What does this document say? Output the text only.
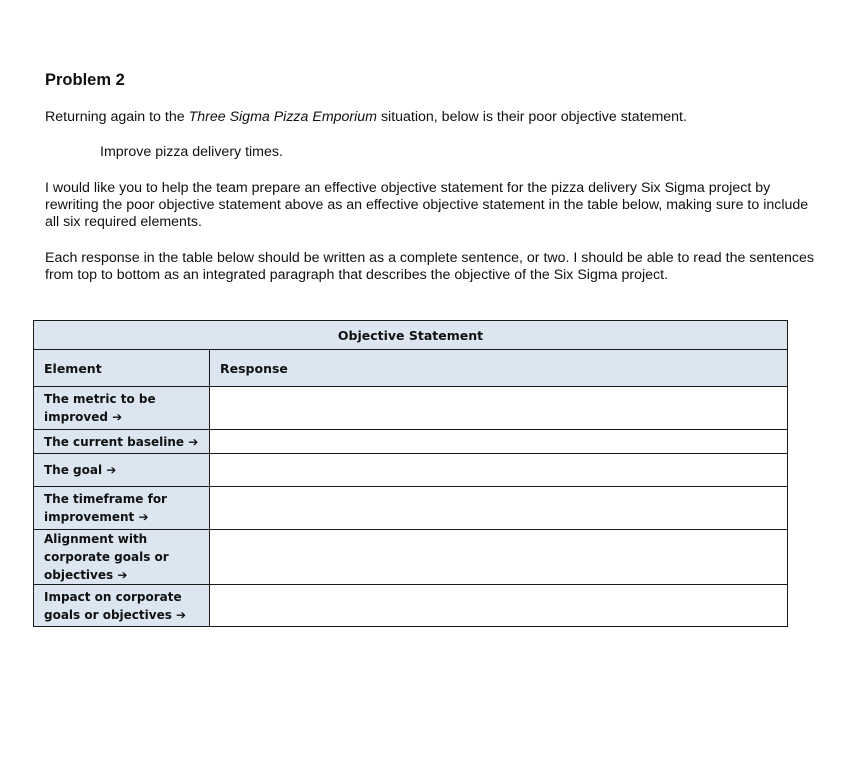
Problem 2

Returning again to the Three Sigma Pizza Emporium situation, below is their poor objective statement.

Improve pizza delivery times.

I would like you to help the team prepare an effective objective statement for the pizza delivery Six Sigma project by rewriting the poor objective statement above as an effective objective statement in the table below, making sure to include all six required elements.

Each response in the table below should be written as a complete sentence, or two. I should be able to read the sentences from top to bottom as an integrated paragraph that describes the objective of the Six Sigma project.

Objective Statement	
Element	Response
The metric to be improved ➔	
The current baseline ➔	
The goal ➔	
The timeframe for improvement ➔	
Alignment with corporate goals or objectives ➔	
Impact on corporate goals or objectives ➔	
